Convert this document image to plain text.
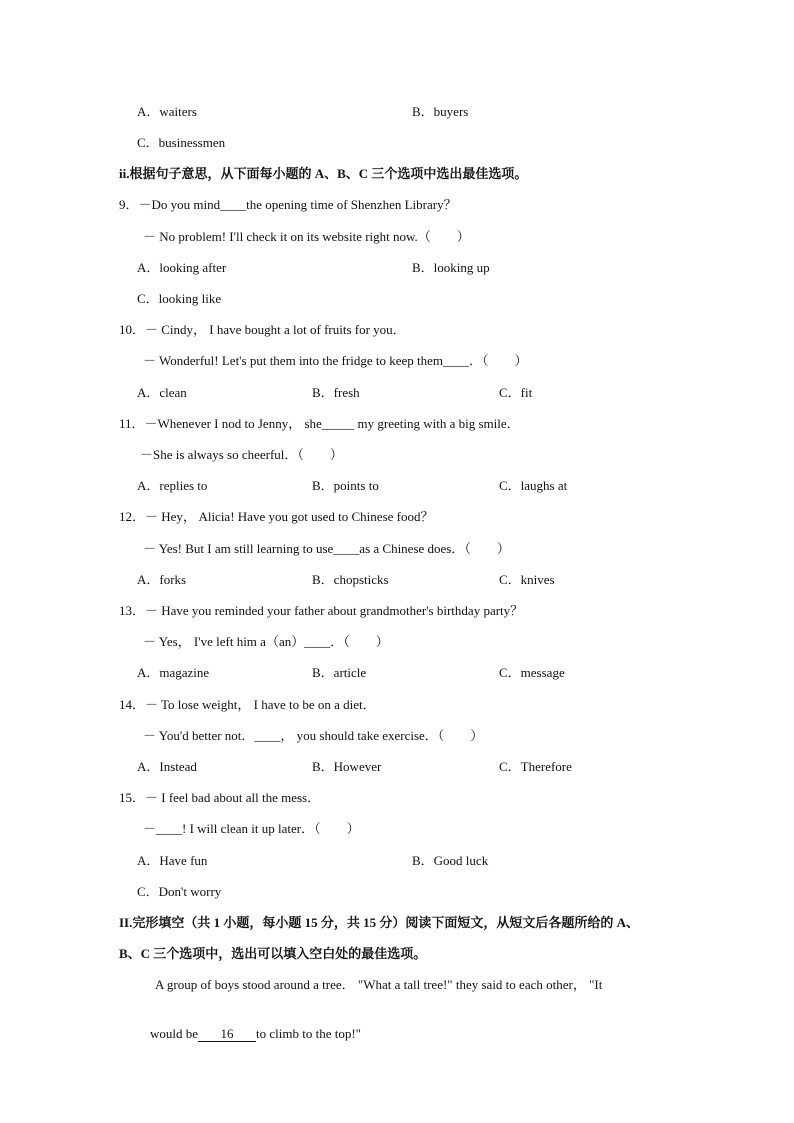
A．waiters	B．buyers
C．businessmen
ii.根据句子意思，从下面每小题的 A、B、C 三个选项中选出最佳选项。
9．－Do you mind____the opening time of Shenzhen Library？
－ No problem! I'll check it on its website right now.（　　）
A．looking after	B．looking up
C．looking like
10．－ Cindy， I have bought a lot of fruits for you．
－ Wonderful! Let's put them into the fridge to keep them____．（　　）
A．clean	B．fresh	C．fit
11．－Whenever I nod to Jenny， she_____ my greeting with a big smile．
－She is always so cheerful．（　　）
A．replies to	B．points to	C．laughs at
12．－ Hey， Alicia! Have you got used to Chinese food？
－ Yes! But I am still learning to use____as a Chinese does．（　　）
A．forks	B．chopsticks	C．knives
13．－ Have you reminded your father about grandmother's birthday party？
－ Yes， I've left him a（an）____．（　　）
A．magazine	B．article	C．message
14．－ To lose weight， I have to be on a diet．
－ You'd better not．____， you should take exercise．（　　）
A．Instead	B．However	C．Therefore
15．－ I feel bad about all the mess．
－____! I will clean it up later．（　　）
A．Have fun	B．Good luck
C．Don't worry
II.完形填空（共 1 小题，每小题 15 分，共 15 分）阅读下面短文，从短文后各题所给的 A、
B、C 三个选项中，选出可以填入空白处的最佳选项。
A group of boys stood around a tree． "What a tall tree!" they said to each other， "It

would be 16 to climb to the top!"
